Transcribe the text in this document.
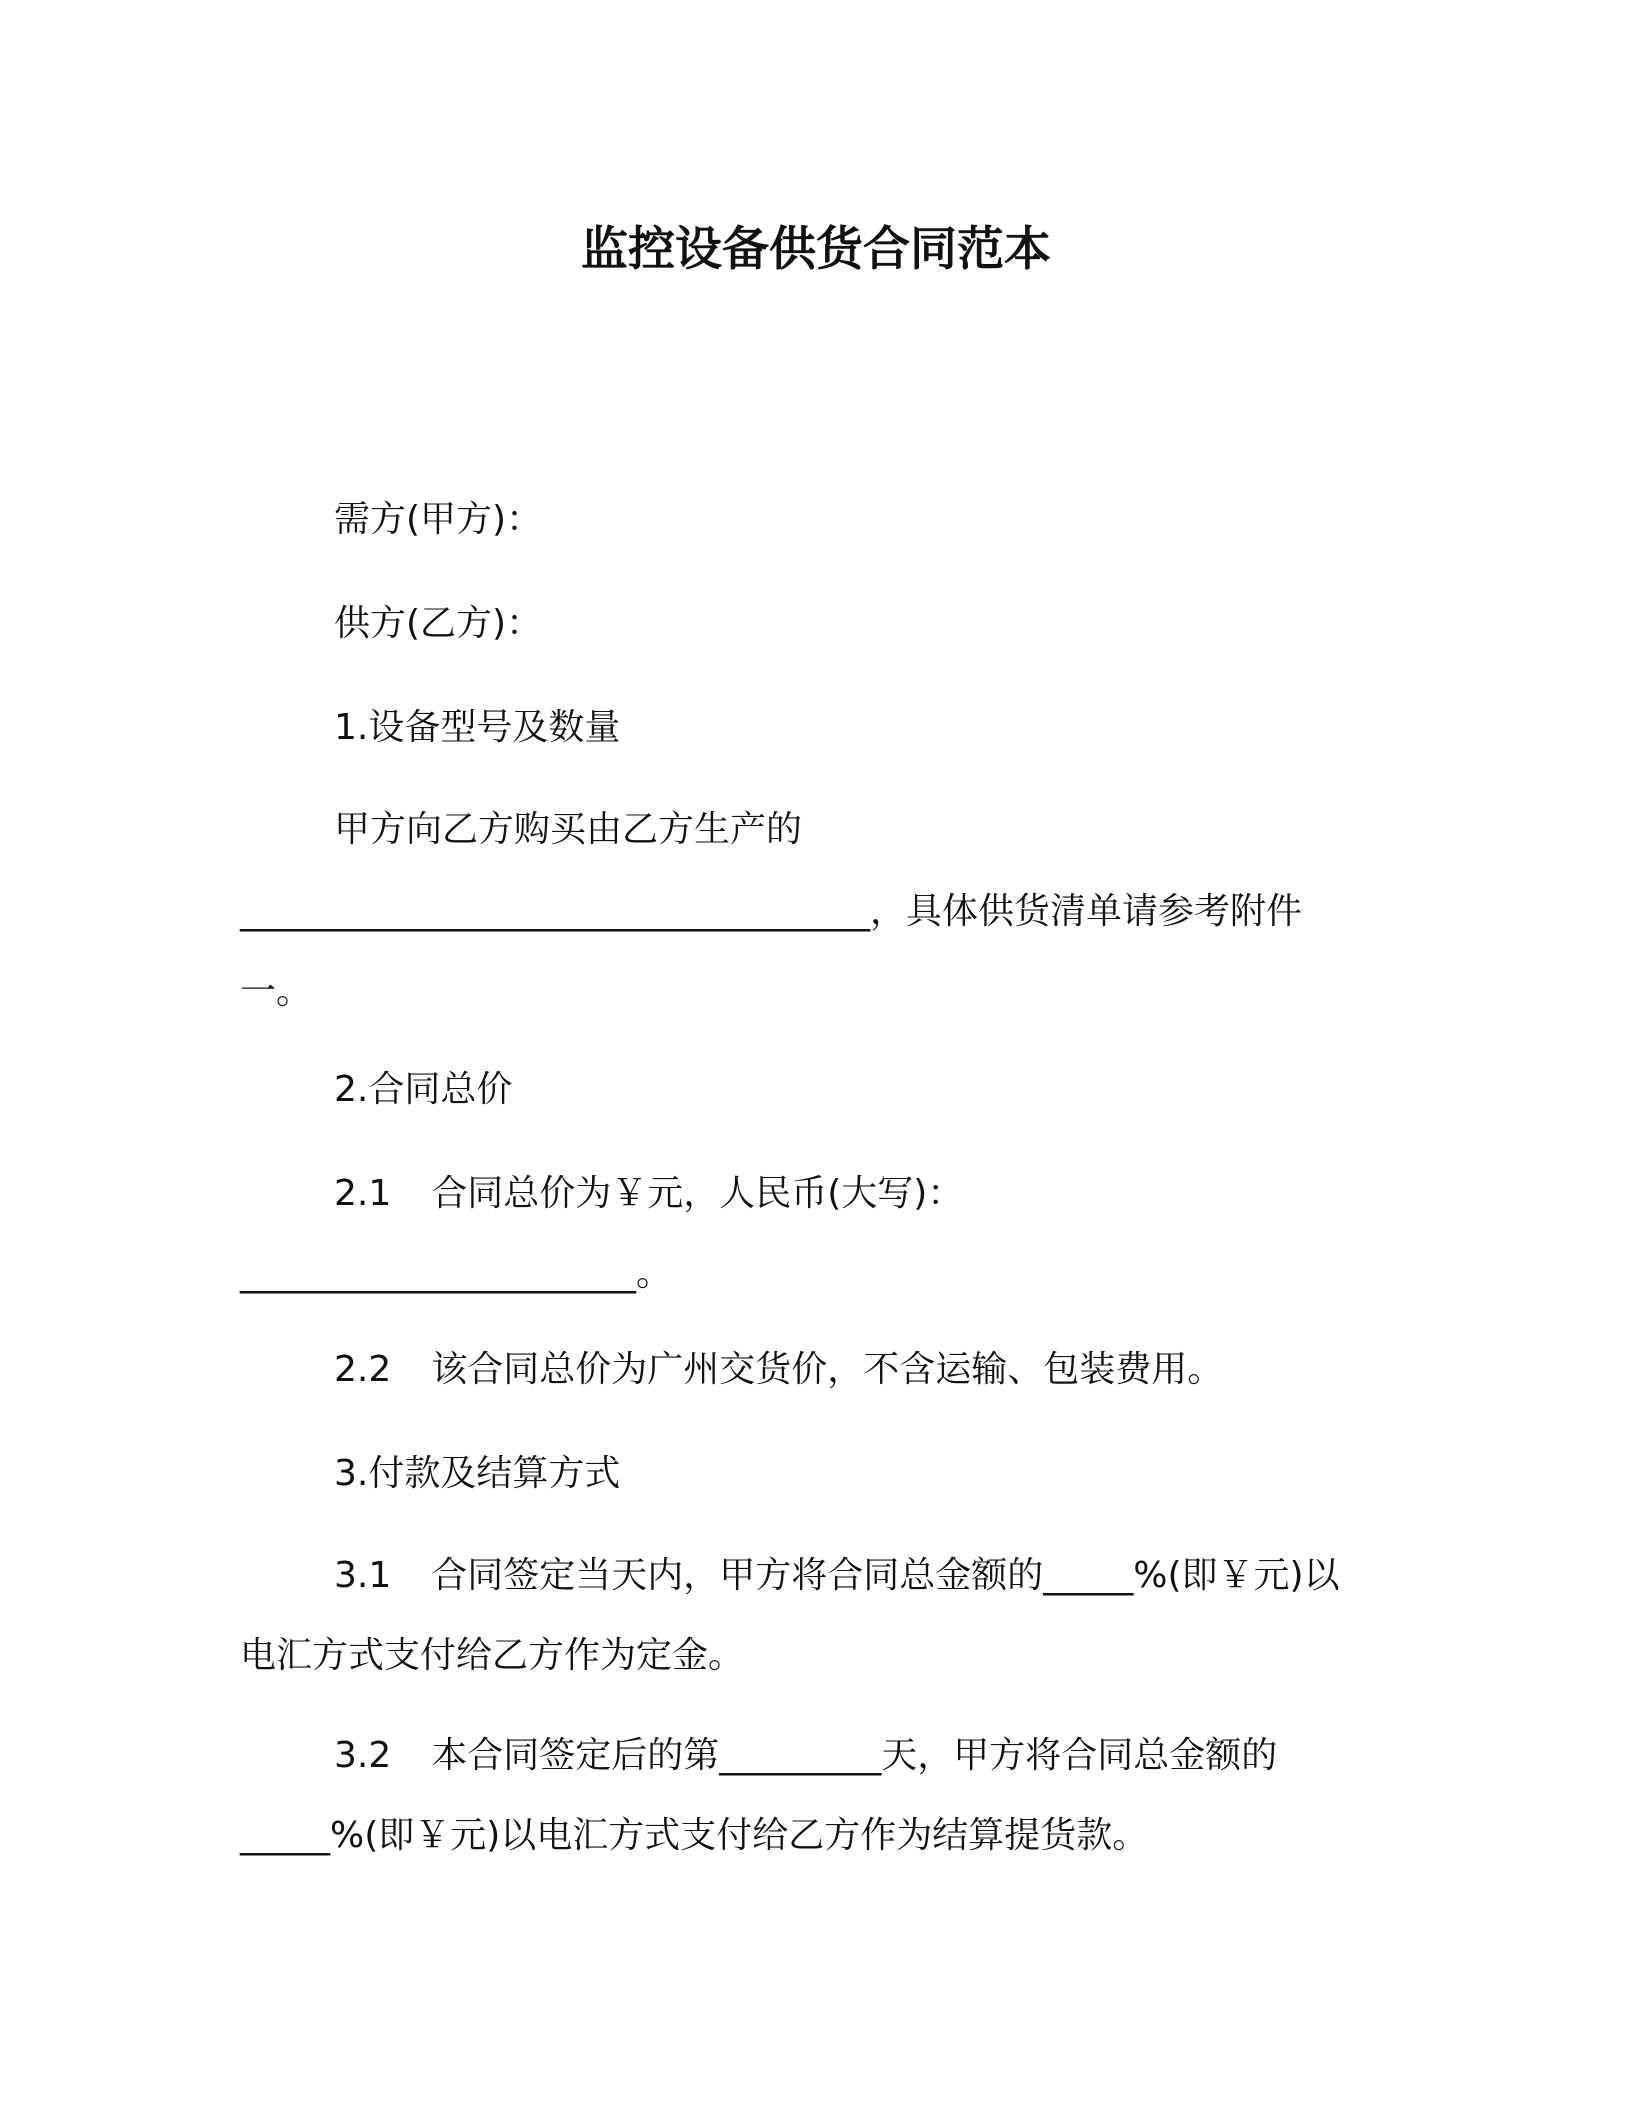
监控设备供货合同范本
需方(甲方)：
供方(乙方)：
1.设备型号及数量
甲方向乙方购买由乙方生产的
___________________________________，具体供货清单请参考附件
一。
2.合同总价
2.1 合同总价为￥元，人民币(大写)：
______________________。
2.2 该合同总价为广州交货价，不含运输、包装费用。
3.付款及结算方式
3.1 合同签定当天内，甲方将合同总金额的_____%(即￥元)以
电汇方式支付给乙方作为定金。
3.2 本合同签定后的第_________天，甲方将合同总金额的
_____%(即￥元)以电汇方式支付给乙方作为结算提货款。
